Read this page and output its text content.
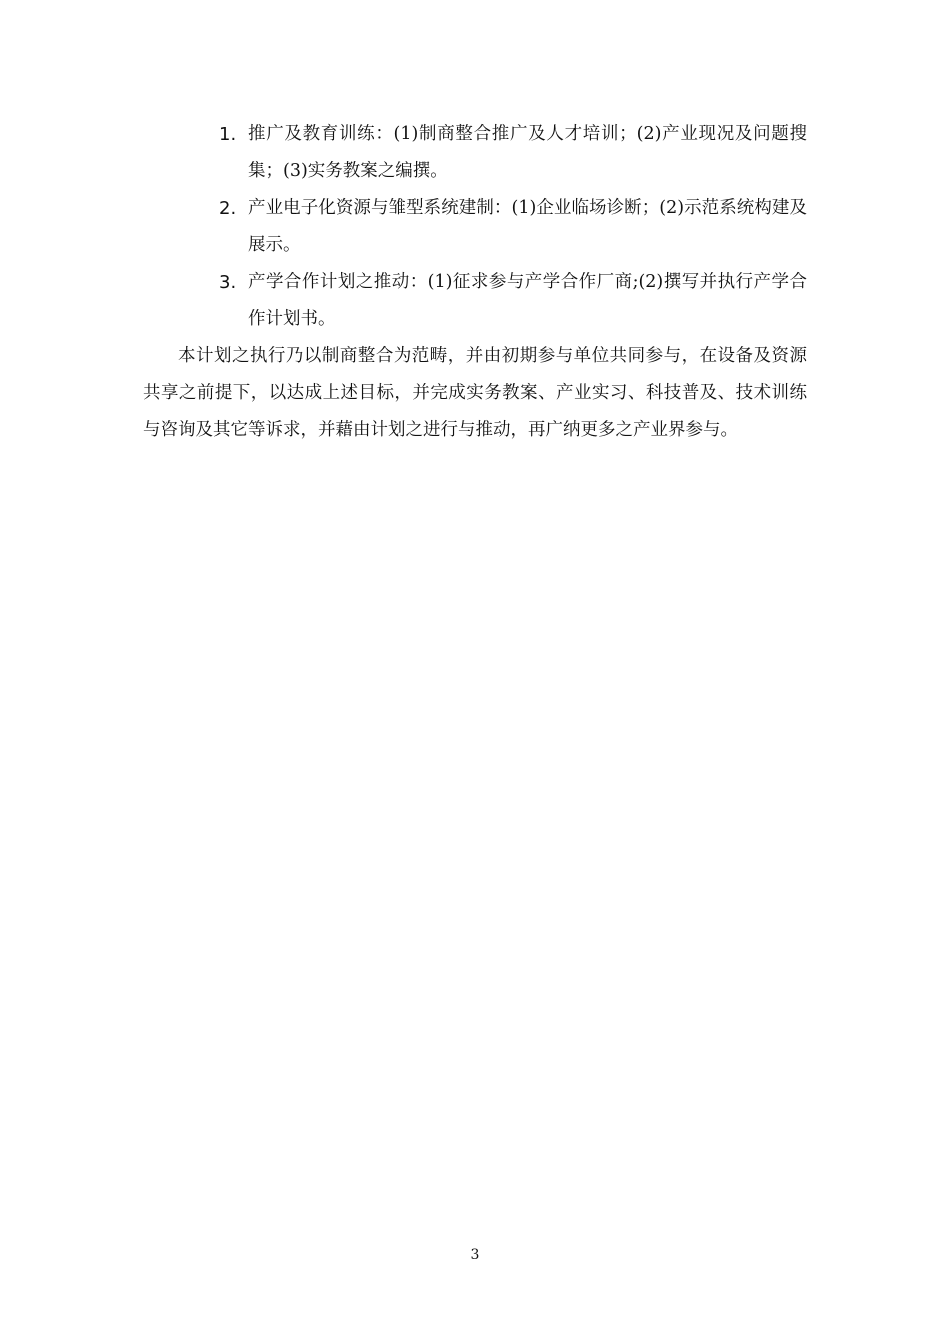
1. 推广及教育训练：(1)制商整合推广及人才培训；(2)产业现况及问题搜集；(3)实务教案之编撰。
2. 产业电子化资源与雏型系统建制：(1)企业临场诊断；(2)示范系统构建及展示。
3. 产学合作计划之推动：(1)征求参与产学合作厂商;(2)撰写并执行产学合作计划书。

本计划之执行乃以制商整合为范畴，并由初期参与单位共同参与，在设备及资源共享之前提下，以达成上述目标，并完成实务教案、产业实习、科技普及、技术训练与咨询及其它等诉求，并藉由计划之进行与推动，再广纳更多之产业界参与。

3
